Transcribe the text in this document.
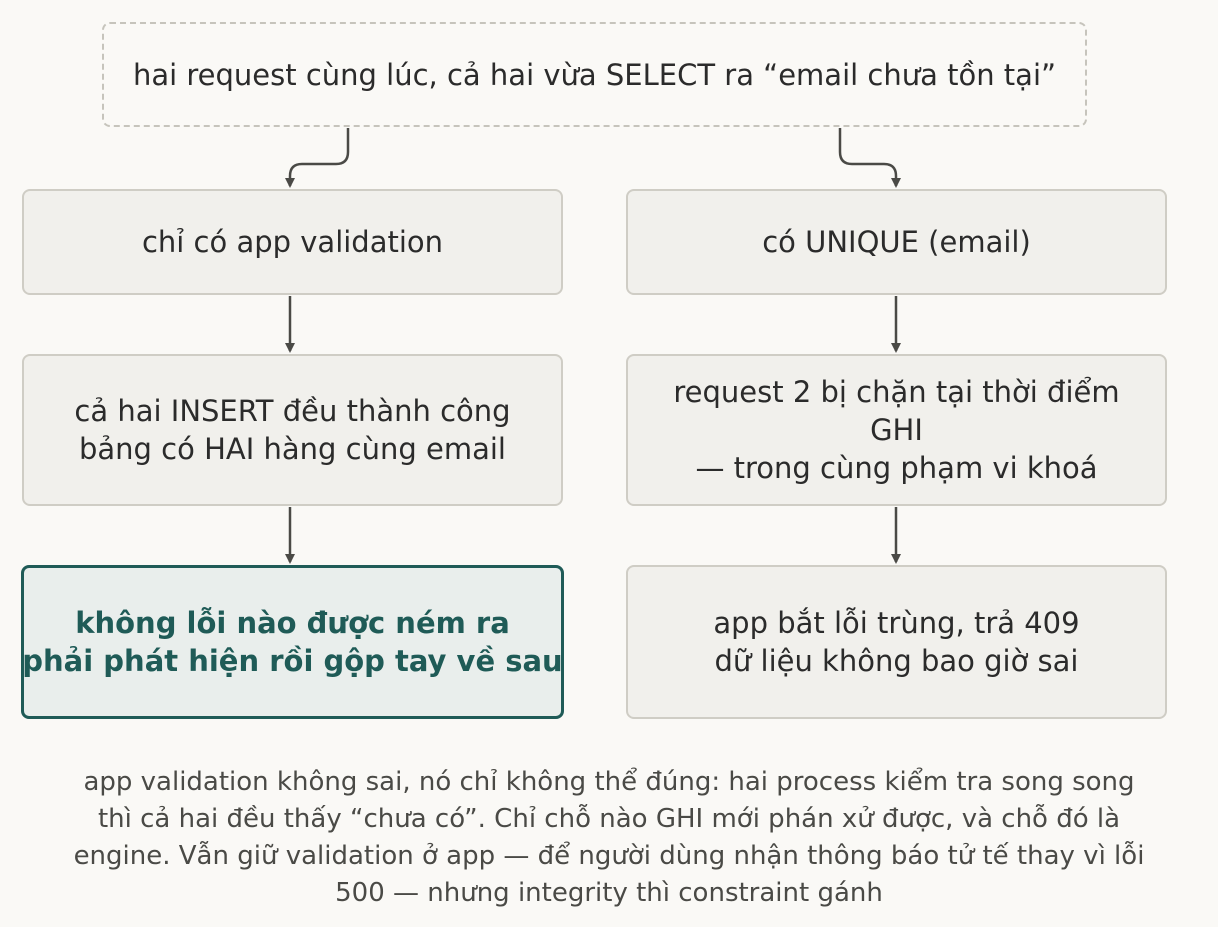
hai request cùng lúc, cả hai vừa SELECT ra “email chưa tồn tại”
chỉ có app validation	có UNIQUE (email)
cả hai INSERT đều thành công
bảng có HAI hàng cùng email
request 2 bị chặn tại thời điểm
GHI
— trong cùng phạm vi khoá
không lỗi nào được ném ra
phải phát hiện rồi gộp tay về sau
app bắt lỗi trùng, trả 409
dữ liệu không bao giờ sai
app validation không sai, nó chỉ không thể đúng: hai process kiểm tra song song
thì cả hai đều thấy “chưa có”. Chỉ chỗ nào GHI mới phán xử được, và chỗ đó là
engine. Vẫn giữ validation ở app — để người dùng nhận thông báo tử tế thay vì lỗi
500 — nhưng integrity thì constraint gánh
